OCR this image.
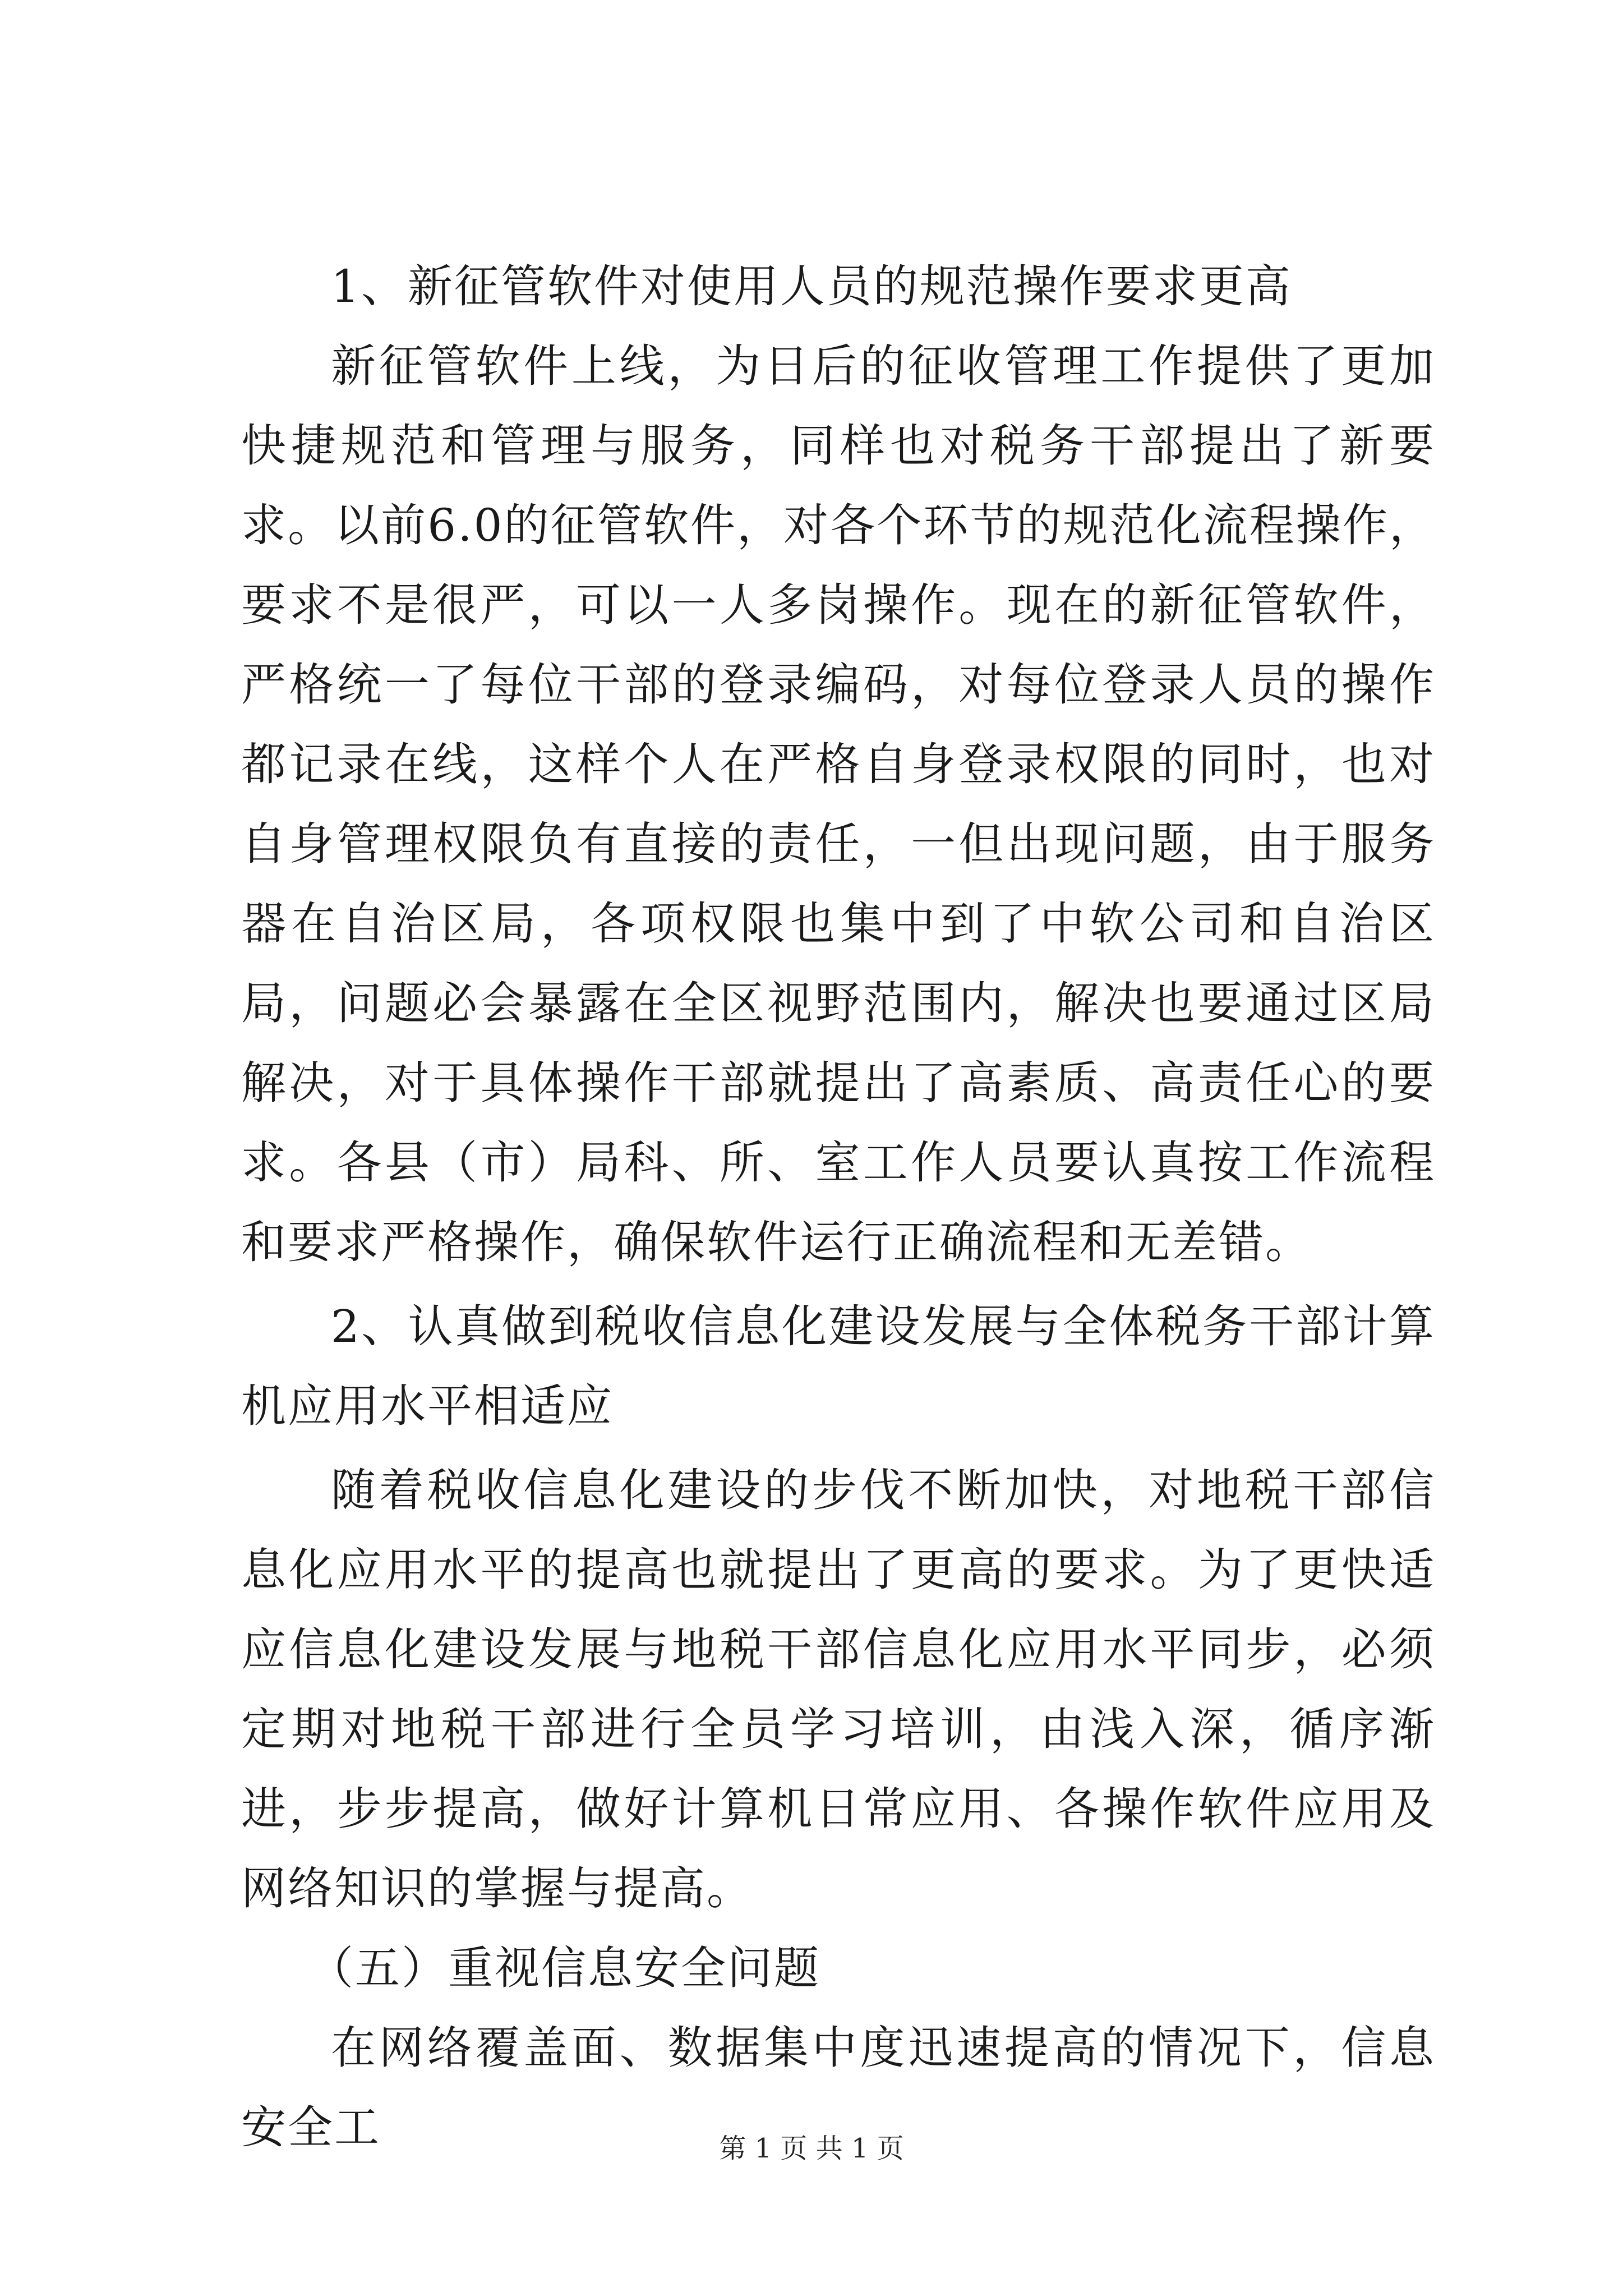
1、新征管软件对使用人员的规范操作要求更高

新征管软件上线，为日后的征收管理工作提供了更加快捷规范和管理与服务，同样也对税务干部提出了新要求。以前6.0的征管软件，对各个环节的规范化流程操作，要求不是很严，可以一人多岗操作。现在的新征管软件，严格统一了每位干部的登录编码，对每位登录人员的操作都记录在线，这样个人在严格自身登录权限的同时，也对自身管理权限负有直接的责任，一但出现问题，由于服务器在自治区局，各项权限也集中到了中软公司和自治区局，问题必会暴露在全区视野范围内，解决也要通过区局解决，对于具体操作干部就提出了高素质、高责任心的要求。各县（市）局科、所、室工作人员要认真按工作流程和要求严格操作，确保软件运行正确流程和无差错。

2、认真做到税收信息化建设发展与全体税务干部计算机应用水平相适应

随着税收信息化建设的步伐不断加快，对地税干部信息化应用水平的提高也就提出了更高的要求。为了更快适应信息化建设发展与地税干部信息化应用水平同步，必须定期对地税干部进行全员学习培训，由浅入深，循序渐进，步步提高，做好计算机日常应用、各操作软件应用及网络知识的掌握与提高。

（五）重视信息安全问题

在网络覆盖面、数据集中度迅速提高的情况下，信息安全工	第 1 页 共 1 页
